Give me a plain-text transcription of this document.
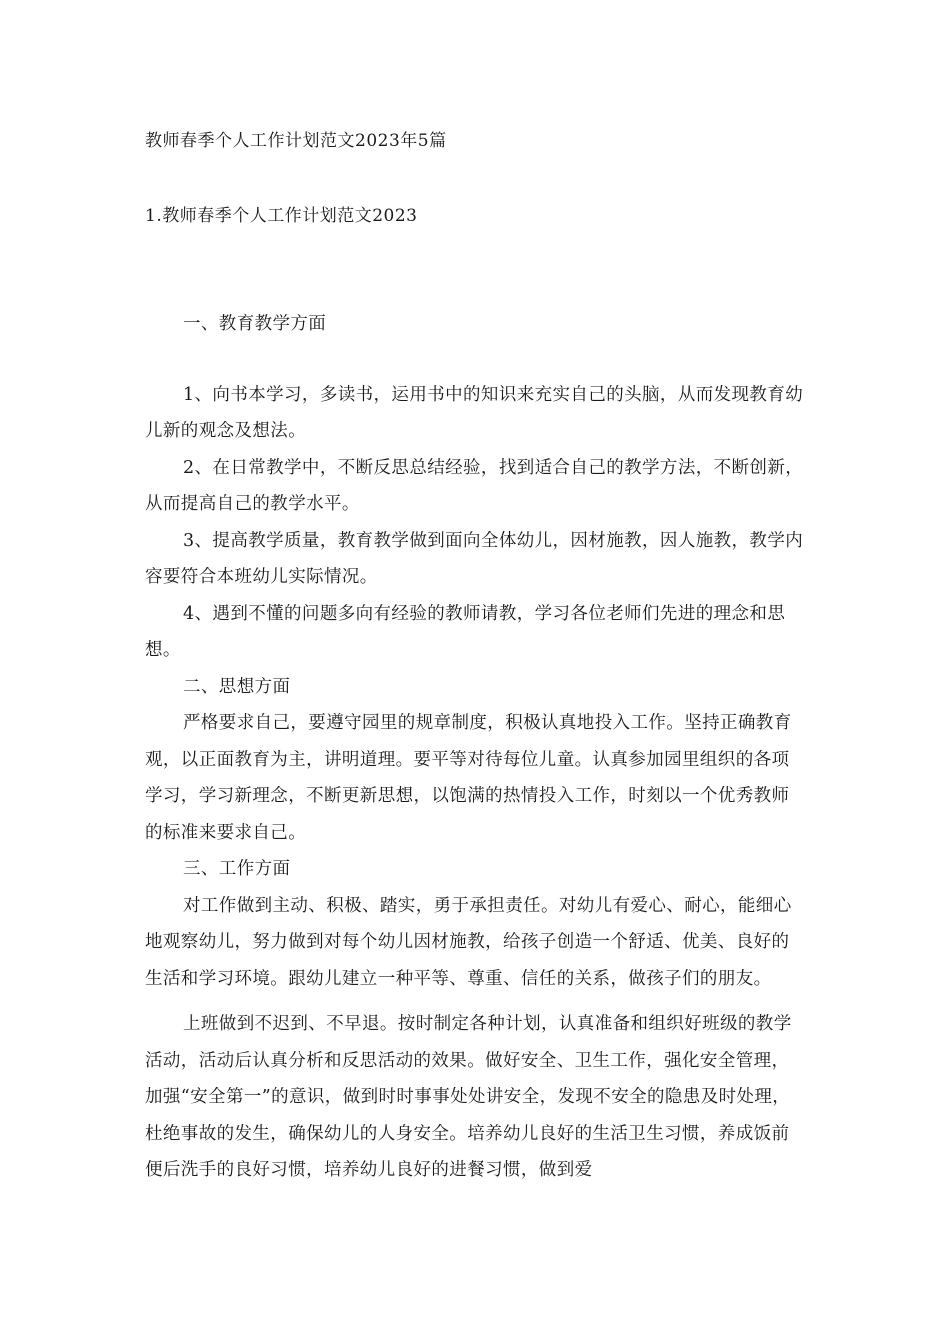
教师春季个人工作计划范文2023年5篇
1.教师春季个人工作计划范文2023

一、教育教学方面

1、向书本学习，多读书，运用书中的知识来充实自己的头脑，从而发现教育幼儿新的观念及想法。

2、在日常教学中，不断反思总结经验，找到适合自己的教学方法，不断创新，从而提高自己的教学水平。

3、提高教学质量，教育教学做到面向全体幼儿，因材施教，因人施教，教学内容要符合本班幼儿实际情况。

4、遇到不懂的问题多向有经验的教师请教，学习各位老师们先进的理念和思想。

二、思想方面

严格要求自己，要遵守园里的规章制度，积极认真地投入工作。坚持正确教育观，以正面教育为主，讲明道理。要平等对待每位儿童。认真参加园里组织的各项学习，学习新理念，不断更新思想，以饱满的热情投入工作，时刻以一个优秀教师的标准来要求自己。

三、工作方面

对工作做到主动、积极、踏实，勇于承担责任。对幼儿有爱心、耐心，能细心地观察幼儿，努力做到对每个幼儿因材施教，给孩子创造一个舒适、优美、良好的生活和学习环境。跟幼儿建立一种平等、尊重、信任的关系，做孩子们的朋友。

上班做到不迟到、不早退。按时制定各种计划，认真准备和组织好班级的教学活动，活动后认真分析和反思活动的效果。做好安全、卫生工作，强化安全管理，加强“安全第一”的意识，做到时时事事处处讲安全，发现不安全的隐患及时处理，杜绝事故的发生，确保幼儿的人身安全。培养幼儿良好的生活卫生习惯，养成饭前便后洗手的良好习惯，培养幼儿良好的进餐习惯，做到爱
